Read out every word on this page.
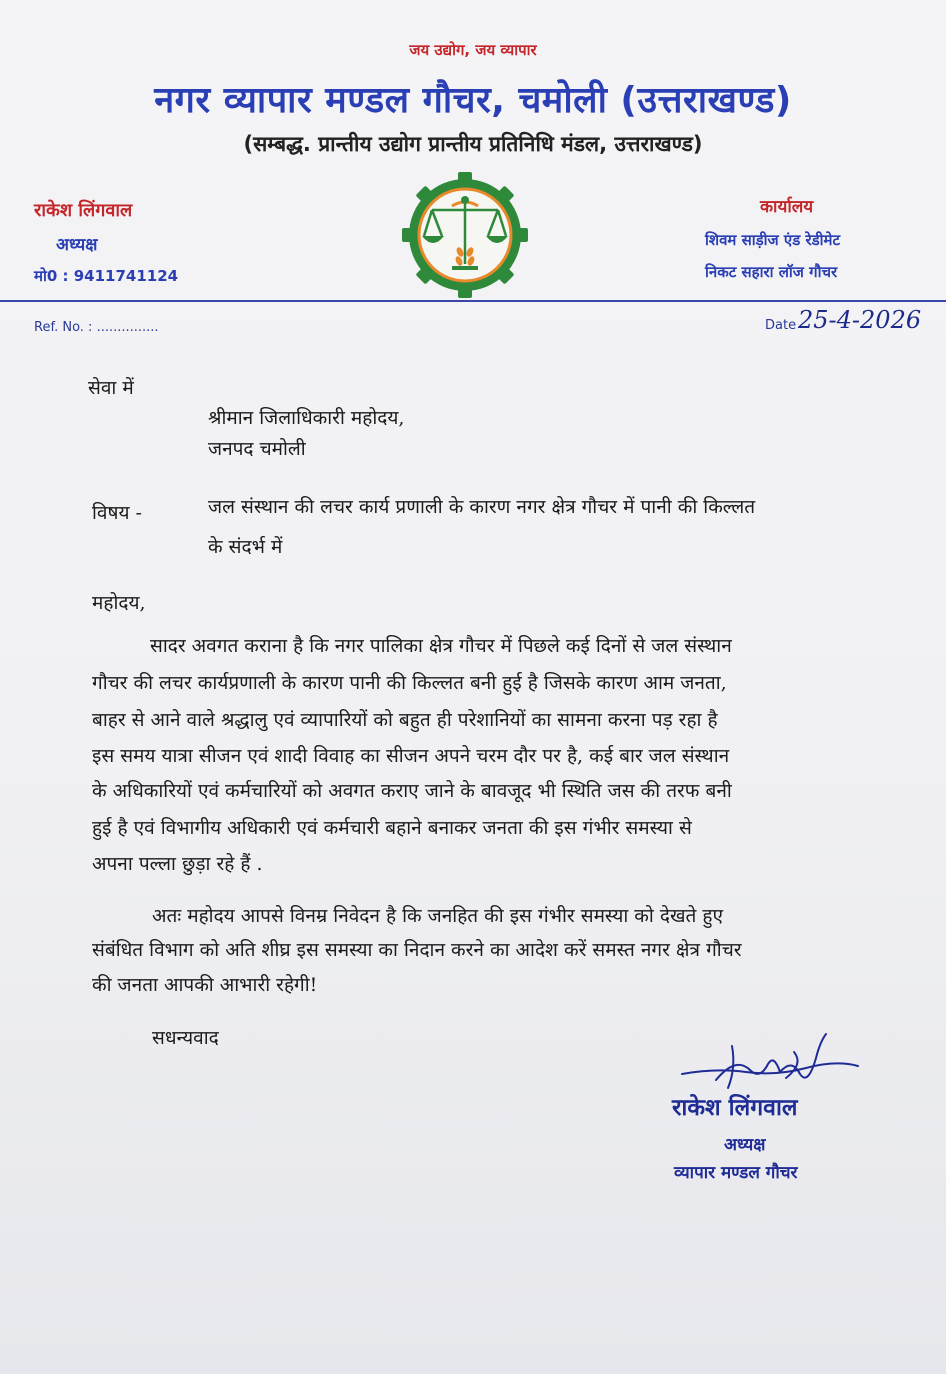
जय उद्योग, जय व्यापार
नगर व्यापार मण्डल गौचर, चमोली (उत्तराखण्ड)
(सम्बद्ध. प्रान्तीय उद्योग प्रान्तीय प्रतिनिधि मंडल, उत्तराखण्ड)
राकेश लिंगवाल
अध्यक्ष
मो0 : 9411741124
कार्यालय
शिवम साड़ीज एंड रेडीमेट
निकट सहारा लॉज गौचर
Ref. No. : ...............	Date 25-4-2026
सेवा में
श्रीमान जिलाधिकारी महोदय,
जनपद चमोली
विषय -	जल संस्थान की लचर कार्य प्रणाली के कारण नगर क्षेत्र गौचर में पानी की किल्लत
के संदर्भ में
महोदय,
सादर अवगत कराना है कि नगर पालिका क्षेत्र गौचर में पिछले कई दिनों से जल संस्थान
गौचर की लचर कार्यप्रणाली के कारण पानी की किल्लत बनी हुई है जिसके कारण आम जनता,
बाहर से आने वाले श्रद्धालु एवं व्यापारियों को बहुत ही परेशानियों का सामना करना पड़ रहा है
इस समय यात्रा सीजन एवं शादी विवाह का सीजन अपने चरम दौर पर है, कई बार जल संस्थान
के अधिकारियों एवं कर्मचारियों को अवगत कराए जाने के बावजूद भी स्थिति जस की तरफ बनी
हुई है एवं विभागीय अधिकारी एवं कर्मचारी बहाने बनाकर जनता की इस गंभीर समस्या से
अपना पल्ला छुड़ा रहे हैं .
अतः महोदय आपसे विनम्र निवेदन है कि जनहित की इस गंभीर समस्या को देखते हुए
संबंधित विभाग को अति शीघ्र इस समस्या का निदान करने का आदेश करें समस्त नगर क्षेत्र गौचर
की जनता आपकी आभारी रहेगी!
सधन्यवाद
राकेश लिंगवाल
अध्यक्ष
व्यापार मण्डल गौचर
